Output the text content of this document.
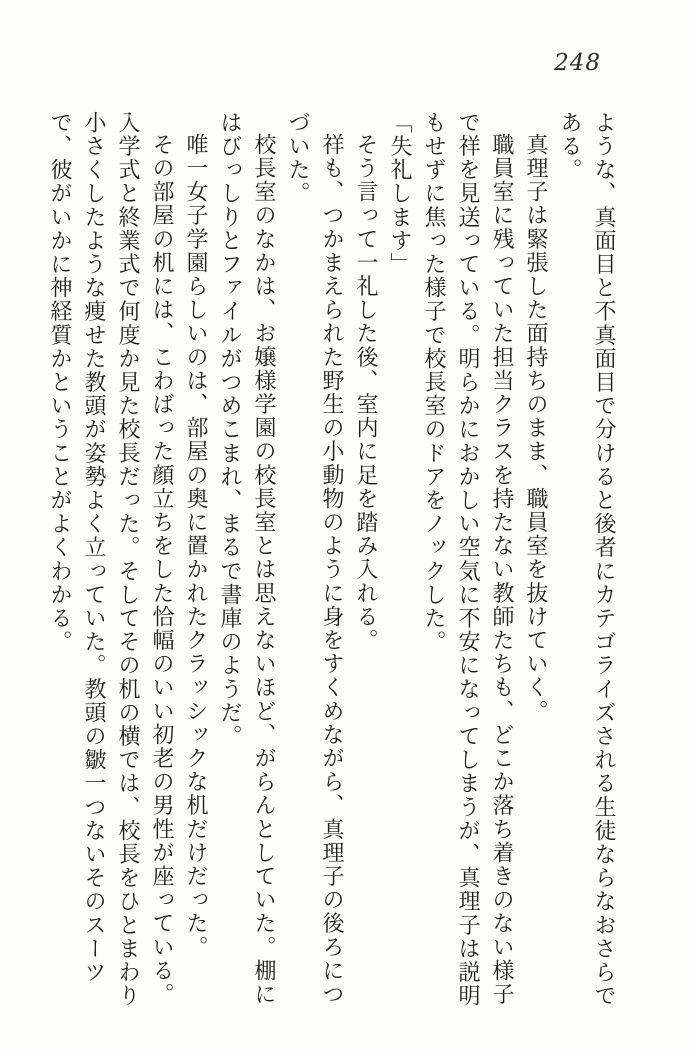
248

ような、真面目と不真面目で分けると後者にカテゴライズされる生徒ならなおさらである。

真理子は緊張した面持ちのまま、職員室を抜けていく。

職員室に残っていた担当クラスを持たない教師たちも、どこか落ち着きのない様子で祥を見送っている。明らかにおかしい空気に不安になってしまうが、真理子は説明もせずに焦った様子で校長室のドアをノックした。

「失礼します」

そう言って一礼した後、室内に足を踏み入れる。

祥も、つかまえられた野生の小動物のように身をすくめながら、真理子の後ろにつづいた。

校長室のなかは、お嬢様学園の校長室とは思えないほど、がらんとしていた。棚にはびっしりとファイルがつめこまれ、まるで書庫のようだ。

唯一女子学園らしいのは、部屋の奥に置かれたクラッシックな机だけだった。

その部屋の机には、こわばった顔立ちをした恰幅のいい初老の男性が座っている。入学式と終業式で何度か見た校長だった。そしてその机の横では、校長をひとまわり小さくしたような痩せた教頭が姿勢よく立っていた。教頭の皺一つないそのスーツで、彼がいかに神経質かということがよくわかる。
